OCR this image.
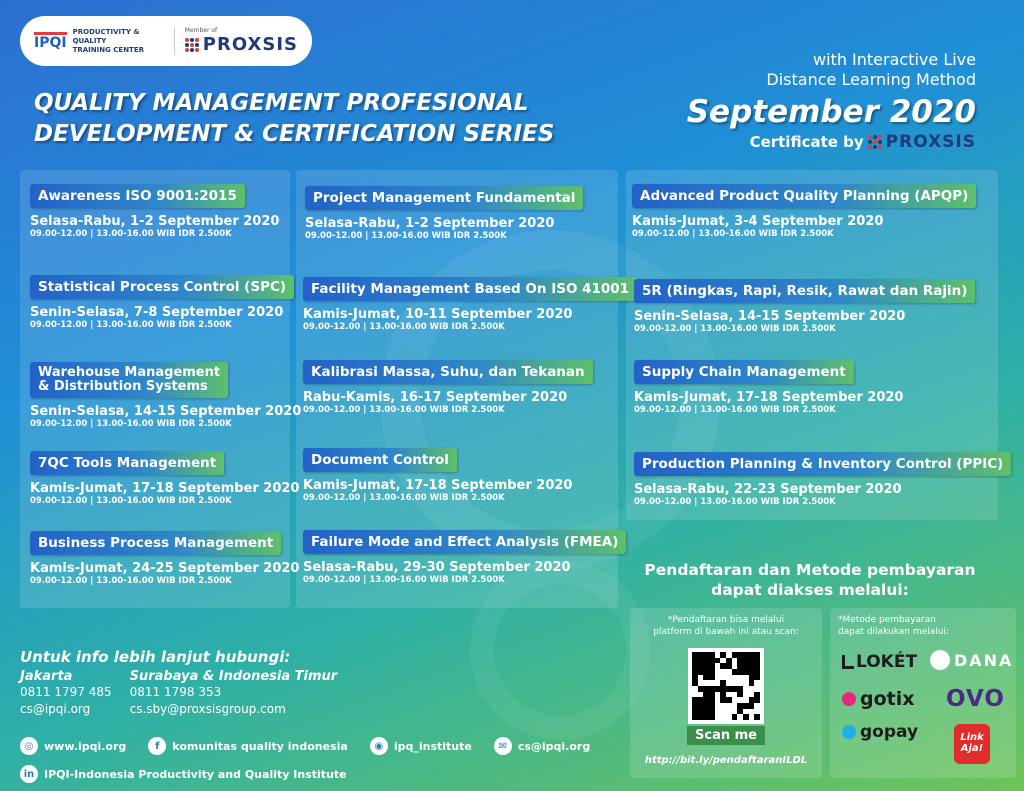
IPQI
PRODUCTIVITY & QUALITY
TRAINING CENTER
Member of
PROXSIS
QUALITY MANAGEMENT PROFESIONAL
DEVELOPMENT & CERTIFICATION SERIES
with Interactive Live
Distance Learning Method
September 2020
Certificate by PROXSIS
Awareness ISO 9001:2015
Selasa-Rabu, 1-2 September 2020
09.00-12.00 | 13.00-16.00 WIB IDR 2.500K
Statistical Process Control (SPC)
Senin-Selasa, 7-8 September 2020
09.00-12.00 | 13.00-16.00 WIB IDR 2.500K
Warehouse Management
& Distribution Systems
Senin-Selasa, 14-15 September 2020
09.00-12.00 | 13.00-16.00 WIB IDR 2.500K
7QC Tools Management
Kamis-Jumat, 17-18 September 2020
09.00-12.00 | 13.00-16.00 WIB IDR 2.500K
Business Process Management
Kamis-Jumat, 24-25 September 2020
09.00-12.00 | 13.00-16.00 WIB IDR 2.500K
Project Management Fundamental
Selasa-Rabu, 1-2 September 2020
09.00-12.00 | 13.00-16.00 WIB IDR 2.500K
Facility Management Based On ISO 41001
Kamis-Jumat, 10-11 September 2020
09.00-12.00 | 13.00-16.00 WIB IDR 2.500K
Kalibrasi Massa, Suhu, dan Tekanan
Rabu-Kamis, 16-17 September 2020
09.00-12.00 | 13.00-16.00 WIB IDR 2.500K
Document Control
Kamis-Jumat, 17-18 September 2020
09.00-12.00 | 13.00-16.00 WIB IDR 2.500K
Failure Mode and Effect Analysis (FMEA)
Selasa-Rabu, 29-30 September 2020
09.00-12.00 | 13.00-16.00 WIB IDR 2.500K
Advanced Product Quality Planning (APQP)
Kamis-Jumat, 3-4 September 2020
09.00-12.00 | 13.00-16.00 WIB IDR 2.500K
5R (Ringkas, Rapi, Resik, Rawat dan Rajin)
Senin-Selasa, 14-15 September 2020
09.00-12.00 | 13.00-16.00 WIB IDR 2.500K
Supply Chain Management
Kamis-Jumat, 17-18 September 2020
09.00-12.00 | 13.00-16.00 WIB IDR 2.500K
Production Planning & Inventory Control (PPIC)
Selasa-Rabu, 22-23 September 2020
09.00-12.00 | 13.00-16.00 WIB IDR 2.500K
Pendaftaran dan Metode pembayaran
dapat diakses melalui:
*Pendaftaran bisa melalui
platform di bawah ini atau scan:
Scan me
http://bit.ly/pendaftaranILDL
*Metode pembayaran
dapat dilakukan melalui:
LOKÉT DANA
gotix OVO
gopay	Link
Aja!
Untuk info lebih lanjut hubungi:
Jakarta
0811 1797 485
cs@ipqi.org
Surabaya & Indonesia Timur
0811 1798 353
cs.sby@proxsisgroup.com
◎ www.ipqi.org	f	komunitas quality indonesia	◉ ipq_institute	✉ cs@ipqi.org
in IPQI-Indonesia Productivity and Quality Institute
